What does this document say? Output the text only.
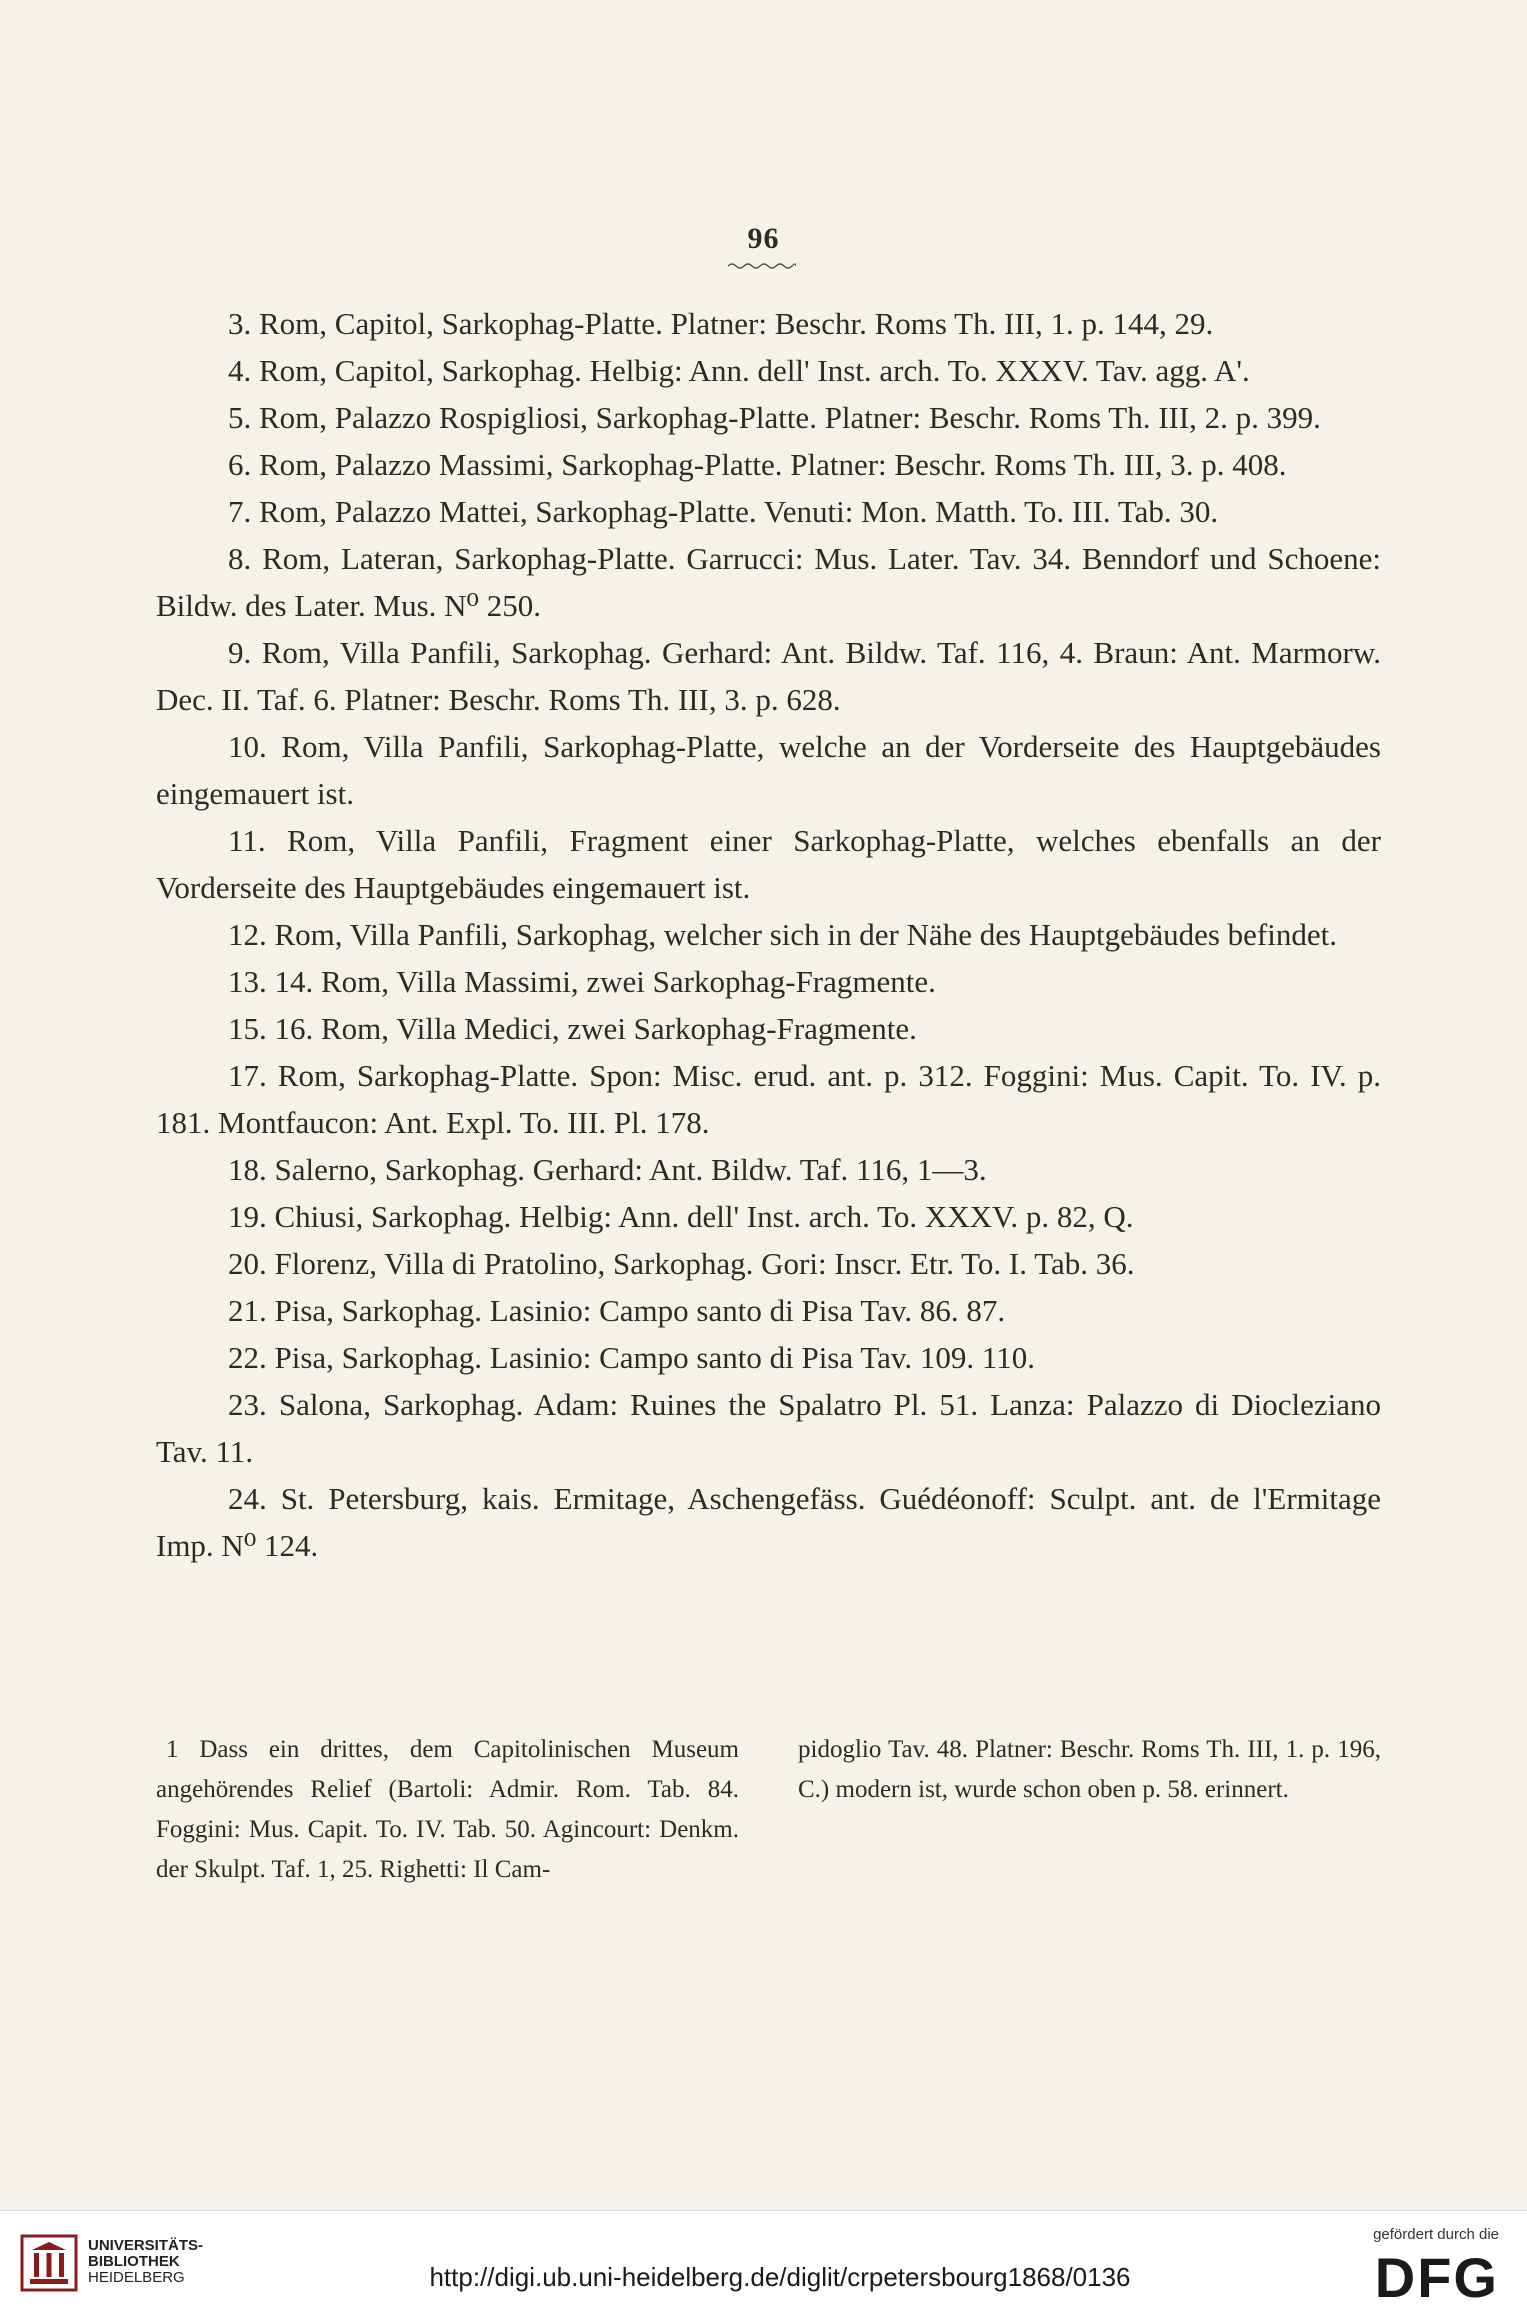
96

3. Rom, Capitol, Sarkophag-Platte. Platner: Beschr. Roms Th. III, 1. p. 144, 29.

4. Rom, Capitol, Sarkophag. Helbig: Ann. dell' Inst. arch. To. XXXV. Tav. agg. A'.

5. Rom, Palazzo Rospigliosi, Sarkophag-Platte. Platner: Beschr. Roms Th. III, 2. p. 399.

6. Rom, Palazzo Massimi, Sarkophag-Platte. Platner: Beschr. Roms Th. III, 3. p. 408.

7. Rom, Palazzo Mattei, Sarkophag-Platte. Venuti: Mon. Matth. To. III. Tab. 30.

8. Rom, Lateran, Sarkophag-Platte. Garrucci: Mus. Later. Tav. 34. Benndorf und Schoene: Bildw. des Later. Mus. N⁰ 250.

9. Rom, Villa Panfili, Sarkophag. Gerhard: Ant. Bildw. Taf. 116, 4. Braun: Ant. Marmorw. Dec. II. Taf. 6. Platner: Beschr. Roms Th. III, 3. p. 628.

10. Rom, Villa Panfili, Sarkophag-Platte, welche an der Vorderseite des Hauptgebäudes eingemauert ist.

11. Rom, Villa Panfili, Fragment einer Sarkophag-Platte, welches ebenfalls an der Vorderseite des Hauptgebäudes eingemauert ist.

12. Rom, Villa Panfili, Sarkophag, welcher sich in der Nähe des Hauptgebäudes befindet.

13. 14. Rom, Villa Massimi, zwei Sarkophag-Fragmente.

15. 16. Rom, Villa Medici, zwei Sarkophag-Fragmente.

17. Rom, Sarkophag-Platte. Spon: Misc. erud. ant. p. 312. Foggini: Mus. Capit. To. IV. p. 181. Montfaucon: Ant. Expl. To. III. Pl. 178.

18. Salerno, Sarkophag. Gerhard: Ant. Bildw. Taf. 116, 1—3.

19. Chiusi, Sarkophag. Helbig: Ann. dell' Inst. arch. To. XXXV. p. 82, Q.

20. Florenz, Villa di Pratolino, Sarkophag. Gori: Inscr. Etr. To. I. Tab. 36.

21. Pisa, Sarkophag. Lasinio: Campo santo di Pisa Tav. 86. 87.

22. Pisa, Sarkophag. Lasinio: Campo santo di Pisa Tav. 109. 110.

23. Salona, Sarkophag. Adam: Ruines the Spalatro Pl. 51. Lanza: Palazzo di Diocleziano Tav. 11.

24. St. Petersburg, kais. Ermitage, Aschengefäss. Guédéonoff: Sculpt. ant. de l'Ermitage Imp. N⁰ 124.

1 Dass ein drittes, dem Capitolinischen Museum angehörendes Relief (Bartoli: Admir. Rom. Tab. 84. Foggini: Mus. Capit. To. IV. Tab. 50. Agincourt: Denkm. der Skulpt. Taf. 1, 25. Righetti: Il Cam-

pidoglio Tav. 48. Platner: Beschr. Roms Th. III, 1. p. 196, C.) modern ist, wurde schon oben p. 58. erinnert.

UNIVERSITÄTS-
BIBLIOTHEK
HEIDELBERG	http://digi.ub.uni-heidelberg.de/diglit/crpetersbourg1868/0136
gefördert durch die
DFG
